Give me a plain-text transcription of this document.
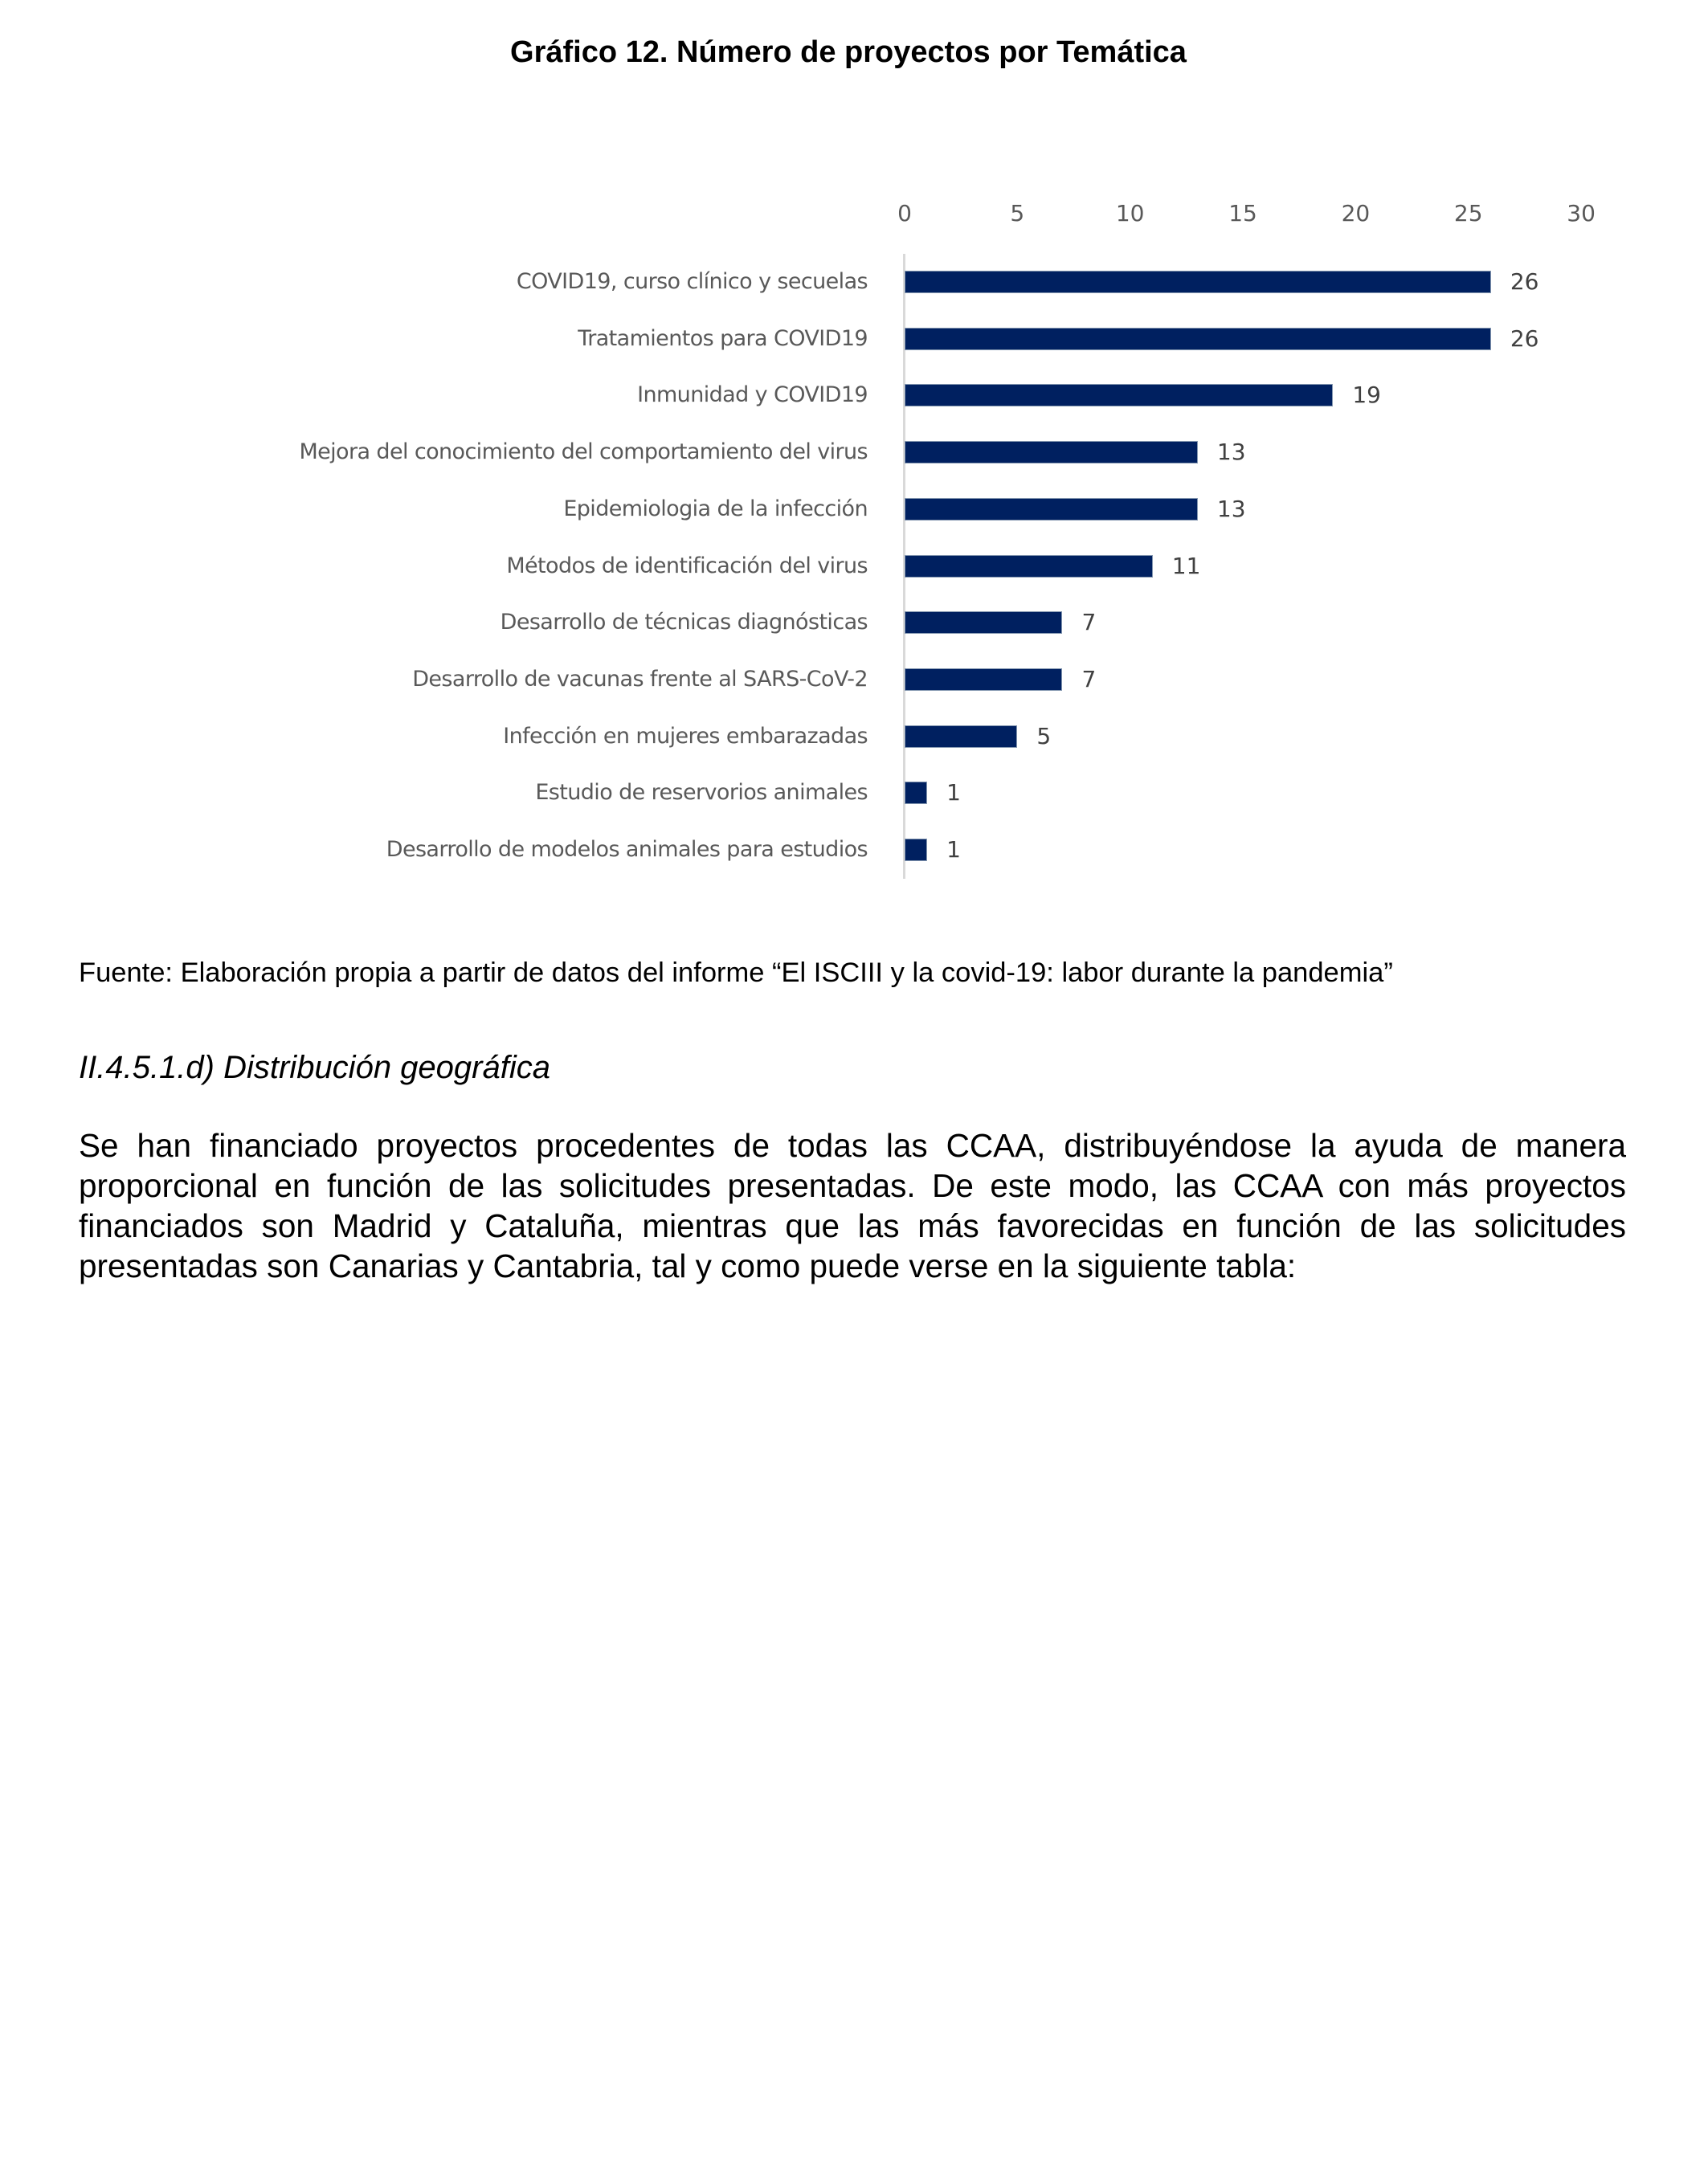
Gráfico 12. Número de proyectos por Temática
0	5	10	15	20	25	30
COVID19, curso clínico y secuelas	26
Tratamientos para COVID19	26
Inmunidad y COVID19	19
Mejora del conocimiento del comportamiento del virus	13
Epidemiologia de la infección	13
Métodos de identificación del virus	11
Desarrollo de técnicas diagnósticas	7
Desarrollo de vacunas frente al SARS-CoV-2	7
Infección en mujeres embarazadas	5
Estudio de reservorios animales	1
Desarrollo de modelos animales para estudios	1
Fuente: Elaboración propia a partir de datos del informe “El ISCIII y la covid-19: labor durante la pandemia”
II.4.5.1.d) Distribución geográfica
Se han financiado proyectos procedentes de todas las CCAA, distribuyéndose la ayuda de manera
proporcional en función de las solicitudes presentadas. De este modo, las CCAA con más proyectos
financiados son Madrid y Cataluña, mientras que las más favorecidas en función de las solicitudes
presentadas son Canarias y Cantabria, tal y como puede verse en la siguiente tabla:
